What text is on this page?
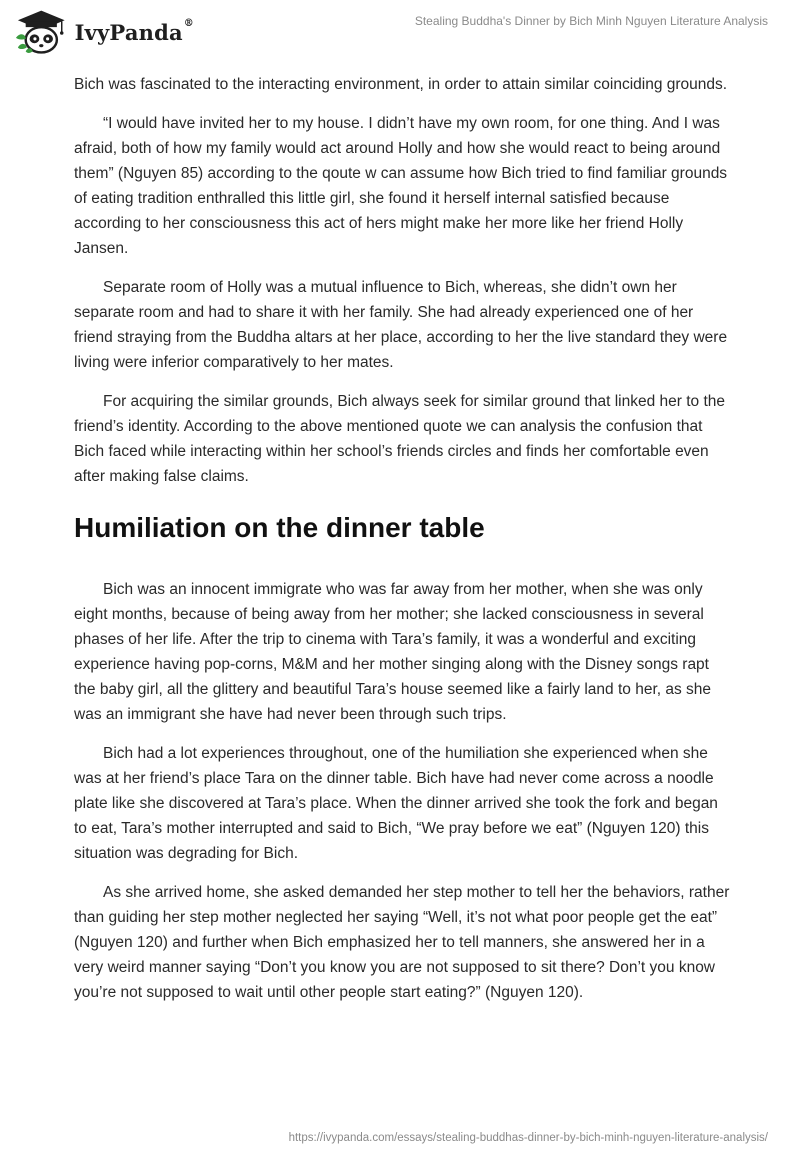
IvyPanda®	Stealing Buddha's Dinner by Bich Minh Nguyen Literature Analysis

Bich was fascinated to the interacting environment, in order to attain similar coinciding grounds.

“I would have invited her to my house. I didn’t have my own room, for one thing. And I was afraid, both of how my family would act around Holly and how she would react to being around them” (Nguyen 85) according to the qoute w can assume how Bich tried to find familiar grounds of eating tradition enthralled this little girl, she found it herself internal satisfied because according to her consciousness this act of hers might make her more like her friend Holly Jansen.

Separate room of Holly was a mutual influence to Bich, whereas, she didn’t own her separate room and had to share it with her family. She had already experienced one of her friend straying from the Buddha altars at her place, according to her the live standard they were living were inferior comparatively to her mates.

For acquiring the similar grounds, Bich always seek for similar ground that linked her to the friend’s identity. According to the above mentioned quote we can analysis the confusion that Bich faced while interacting within her school’s friends circles and finds her comfortable even after making false claims.

Humiliation on the dinner table

Bich was an innocent immigrate who was far away from her mother, when she was only eight months, because of being away from her mother; she lacked consciousness in several phases of her life. After the trip to cinema with Tara’s family, it was a wonderful and exciting experience having pop-corns, M&M and her mother singing along with the Disney songs rapt the baby girl, all the glittery and beautiful Tara’s house seemed like a fairly land to her, as she was an immigrant she have had never been through such trips.

Bich had a lot experiences throughout, one of the humiliation she experienced when she was at her friend’s place Tara on the dinner table. Bich have had never come across a noodle plate like she discovered at Tara’s place. When the dinner arrived she took the fork and began to eat, Tara’s mother interrupted and said to Bich, “We pray before we eat” (Nguyen 120) this situation was degrading for Bich.

As she arrived home, she asked demanded her step mother to tell her the behaviors, rather than guiding her step mother neglected her saying “Well, it’s not what poor people get the eat” (Nguyen 120) and further when Bich emphasized her to tell manners, she answered her in a very weird manner saying “Don’t you know you are not supposed to sit there? Don’t you know you’re not supposed to wait until other people start eating?” (Nguyen 120).

https://ivypanda.com/essays/stealing-buddhas-dinner-by-bich-minh-nguyen-literature-analysis/
